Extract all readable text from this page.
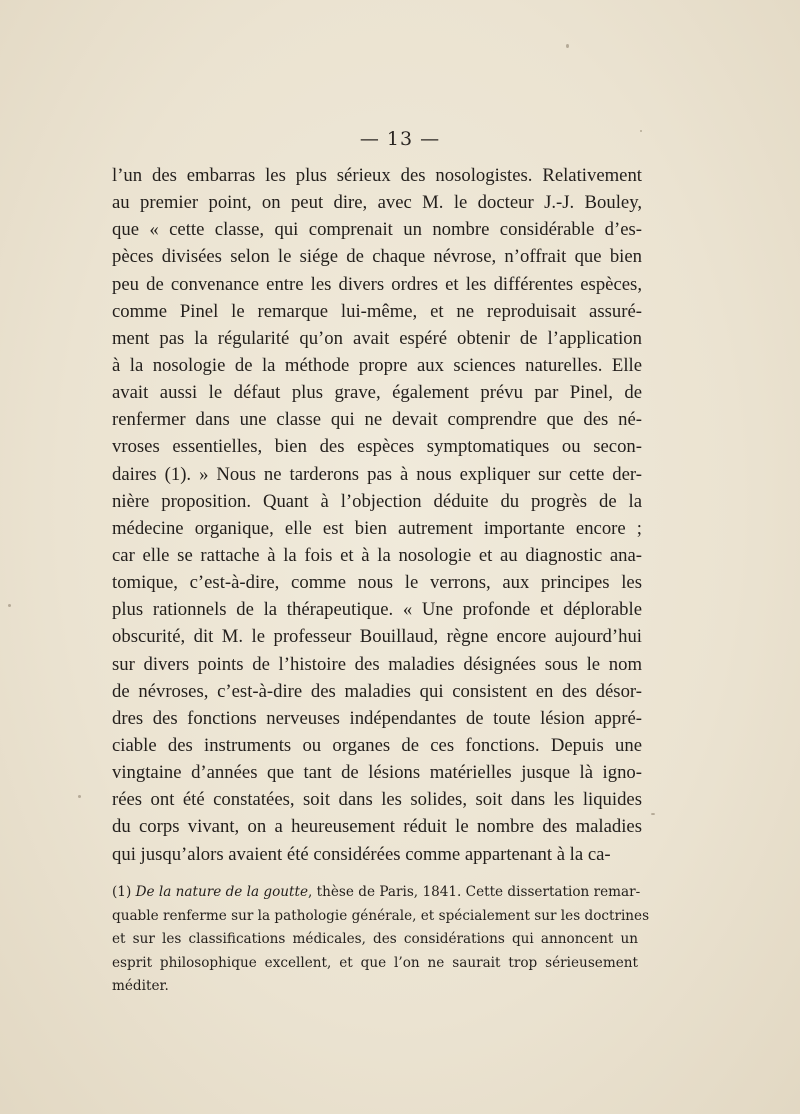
— 13 —
l’un des embarras les plus sérieux des nosologistes. Relativement
au premier point, on peut dire, avec M. le docteur J.-J. Bouley,
que « cette classe, qui comprenait un nombre considérable d’es-
pèces divisées selon le siége de chaque névrose, n’offrait que bien
peu de convenance entre les divers ordres et les différentes espèces,
comme Pinel le remarque lui-même, et ne reproduisait assuré-
ment pas la régularité qu’on avait espéré obtenir de l’application
à la nosologie de la méthode propre aux sciences naturelles. Elle
avait aussi le défaut plus grave, également prévu par Pinel, de
renfermer dans une classe qui ne devait comprendre que des né-
vroses essentielles, bien des espèces symptomatiques ou secon-
daires (1). » Nous ne tarderons pas à nous expliquer sur cette der-
nière proposition. Quant à l’objection déduite du progrès de la
médecine organique, elle est bien autrement importante encore ;
car elle se rattache à la fois et à la nosologie et au diagnostic ana-
tomique, c’est-à-dire, comme nous le verrons, aux principes les
plus rationnels de la thérapeutique. « Une profonde et déplorable
obscurité, dit M. le professeur Bouillaud, règne encore aujourd’hui
sur divers points de l’histoire des maladies désignées sous le nom
de névroses, c’est-à-dire des maladies qui consistent en des désor-
dres des fonctions nerveuses indépendantes de toute lésion appré-
ciable des instruments ou organes de ces fonctions. Depuis une
vingtaine d’années que tant de lésions matérielles jusque là igno-
rées ont été constatées, soit dans les solides, soit dans les liquides
du corps vivant, on a heureusement réduit le nombre des maladies
qui jusqu’alors avaient été considérées comme appartenant à la ca-
(1) De la nature de la goutte, thèse de Paris, 1841. Cette dissertation remar-
quable renferme sur la pathologie générale, et spécialement sur les doctrines
et sur les classifications médicales, des considérations qui annoncent un
esprit philosophique excellent, et que l’on ne saurait trop sérieusement
méditer.
